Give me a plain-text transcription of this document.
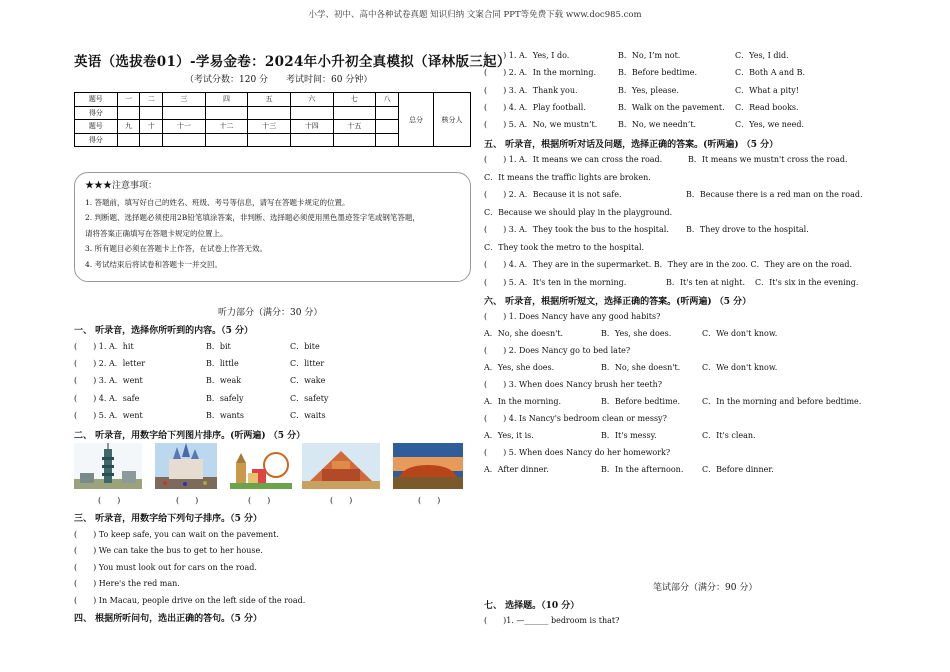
小学、初中、高中各种试卷真题 知识归纳 文案合同 PPT等免费下载 www.doc985.com
英语（选拔卷01）-学易金卷：2024年小升初全真模拟（译林版三起）
（考试分数：120 分　　考试时间：60 分钟）
题号	一	二	三	四	五	六	七	八	总分	核分人
得分										
题号	九	十	十一	十二	十三	十四	十五			
得分										
★★★注意事项：
1. 答题前，填写好自己的姓名、班级、考号等信息，请写在答题卡规定的位置。
2. 判断题、选择题必须使用2B铅笔填涂答案，非判断、选择题必须使用黑色墨迹签字笔或钢笔答题，
请将答案正确填写在答题卡规定的位置上。
3. 所有题目必须在答题卡上作答，在试卷上作答无效。
4. 考试结束后将试卷和答题卡一并交回。
听力部分（满分：30 分）
一、 听录音，选择你所听到的内容。（5 分）
(　　) 1. A．hit	B．bit	C．bite
(　　) 2. A．letter	B．little	C．litter
(　　) 3. A．went	B．weak	C．wake
(　　) 4. A．safe	B．safely	C．safety
(　　) 5. A．went	B．wants	C．waits
二、 听录音，用数字给下列图片排序。(听两遍) （5 分）
(　　)	(　　)	(　　)	(　　)	(　　)
三、 听录音，用数字给下列句子排序。（5 分）
(　　) To keep safe, you can wait on the pavement.
(　　) We can take the bus to get to her house.
(　　) You must look out for cars on the road.
(　　) Here's the red man.
(　　) In Macau, people drive on the left side of the road.
四、 根据所听问句，选出正确的答句。（5 分）
(　　) 1. A．Yes, I do.	B．No, I’m not.	C．Yes, I did.
(　　) 2. A．In the morning.	B．Before bedtime.	C．Both A and B.
(　　) 3. A．Thank you.	B．Yes, please.	C．What a pity!
(　　) 4. A．Play football.	B．Walk on the pavement. C．Read books.
(　　) 5. A．No, we mustn’t.	B．No, we needn’t.	C．Yes, we need.
五、 听录音，根据所听对话及问题，选择正确的答案。(听两遍) （5 分）
(　　) 1. A．It means we can cross the road.	B．It means we mustn't cross the road.
C．It means the traffic lights are broken.
(　　) 2. A．Because it is not safe.	B．Because there is a red man on the road.
C．Because we should play in the playground.
(　　) 3. A．They took the bus to the hospital. B．They drove to the hospital.
C．They took the metro to the hospital.
(　　) 4. A．They are in the supermarket. B．They are in the zoo. C．They are on the road.
(　　) 5. A．It's ten in the morning.	B．It's ten at night. C．It's six in the evening.
六、 听录音，根据所听短文，选择正确的答案。(听两遍) （5 分）
(　　) 1. Does Nancy have any good habits?
A．No, she doesn't.	B．Yes, she does.	C．We don't know.
(　　) 2. Does Nancy go to bed late?
A．Yes, she does.	B．No, she doesn't.	C．We don't know.
(　　) 3. When does Nancy brush her teeth?
A．In the morning.	B．Before bedtime.	C．In the morning and before bedtime.
(　　) 4. Is Nancy's bedroom clean or messy?
A．Yes, it is.	B．It's messy.	C．It's clean.
(　　) 5. When does Nancy do her homework?
A．After dinner.	B．In the afternoon. C．Before dinner.
笔试部分（满分：90 分）
七、 选择题。（10 分）
(　　)1. —______ bedroom is that?
